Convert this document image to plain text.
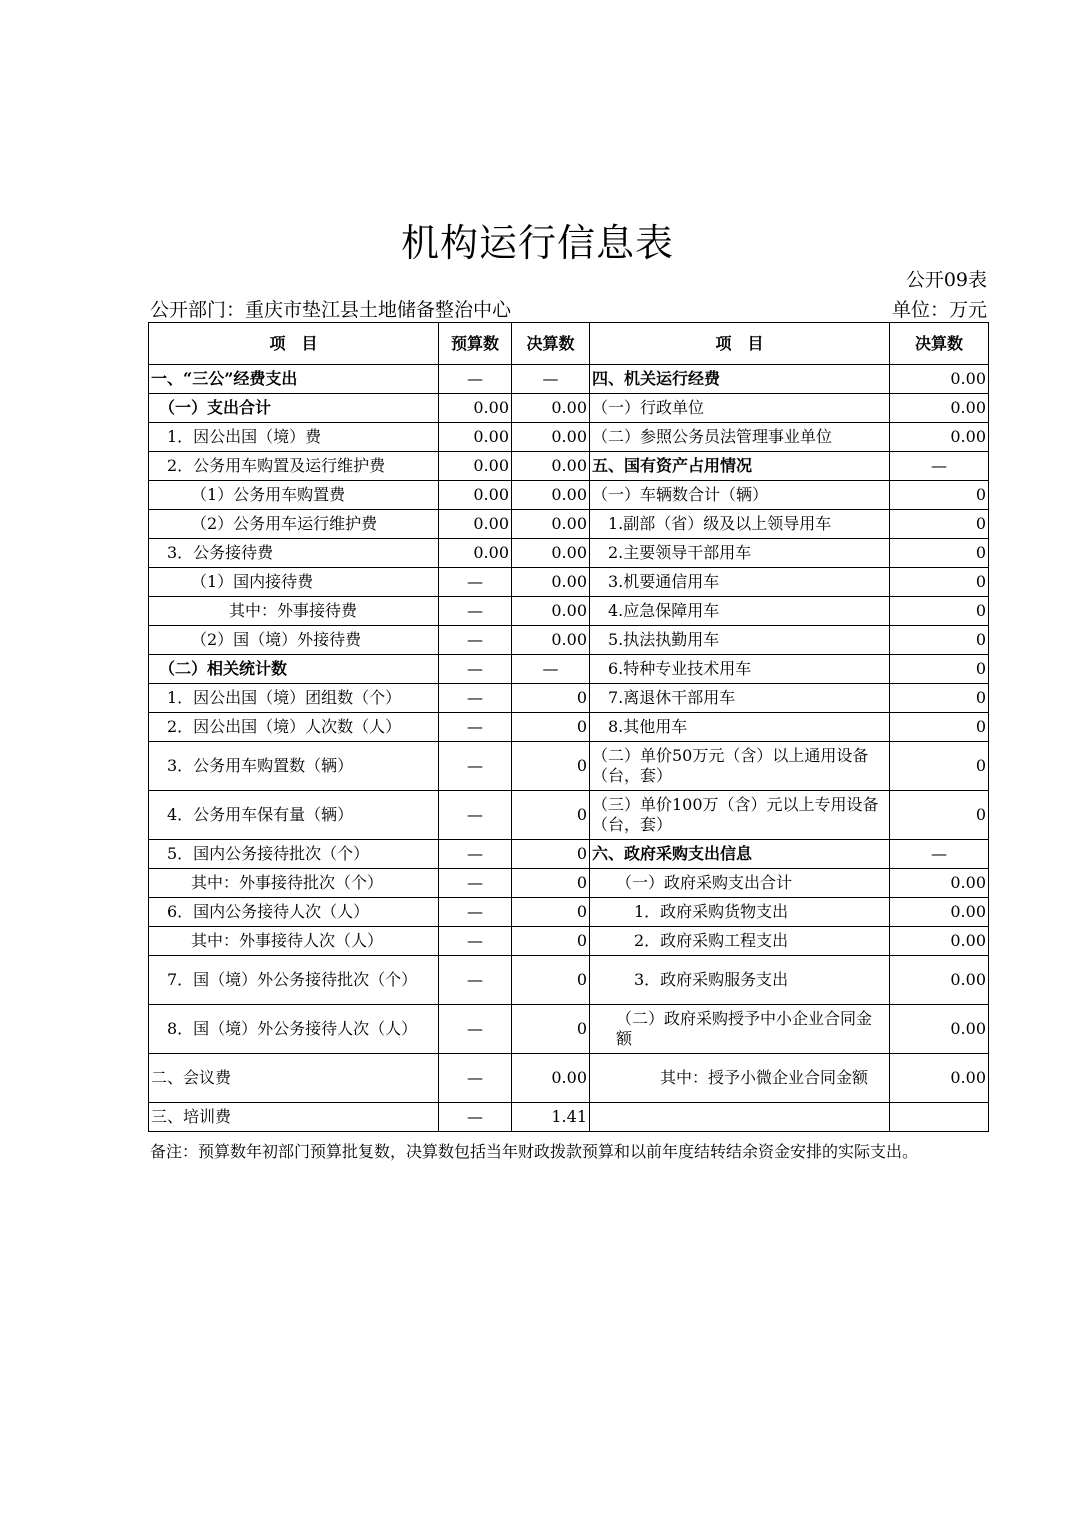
机构运行信息表
公开09表
公开部门：重庆市垫江县土地储备整治中心	单位：万元
项　目	预算数	决算数	项　目	决算数
一、“三公”经费支出	—	—	四、机关运行经费	0.00
（一）支出合计	0.00	0.00	（一）行政单位	0.00
1．因公出国（境）费	0.00	0.00	（二）参照公务员法管理事业单位	0.00
2．公务用车购置及运行维护费	0.00	0.00	五、国有资产占用情况	—
（1）公务用车购置费	0.00	0.00	（一）车辆数合计（辆）	0
（2）公务用车运行维护费	0.00	0.00	1.副部（省）级及以上领导用车	0
3．公务接待费	0.00	0.00	2.主要领导干部用车	0
（1）国内接待费	—	0.00	3.机要通信用车	0
其中：外事接待费	—	0.00	4.应急保障用车	0
（2）国（境）外接待费	—	0.00	5.执法执勤用车	0
（二）相关统计数	—	—	6.特种专业技术用车	0
1．因公出国（境）团组数（个）	—	0	7.离退休干部用车	0
2．因公出国（境）人次数（人）	—	0	8.其他用车	0
3．公务用车购置数（辆）	—	0	（二）单价50万元（含）以上通用设备（台，套）	0
4．公务用车保有量（辆）	—	0	（三）单价100万（含）元以上专用设备（台，套）	0
5．国内公务接待批次（个）	—	0	六、政府采购支出信息	—
其中：外事接待批次（个）	—	0	（一）政府采购支出合计	0.00
6．国内公务接待人次（人）	—	0	1．政府采购货物支出	0.00
其中：外事接待人次（人）	—	0	2．政府采购工程支出	0.00
7．国（境）外公务接待批次（个）	—	0	3．政府采购服务支出	0.00
8．国（境）外公务接待人次（人）	—	0	（二）政府采购授予中小企业合同金额	0.00
二、会议费	—	0.00	其中：授予小微企业合同金额	0.00
三、培训费	—	1.41		
备注：预算数年初部门预算批复数，决算数包括当年财政拨款预算和以前年度结转结余资金安排的实际支出。
